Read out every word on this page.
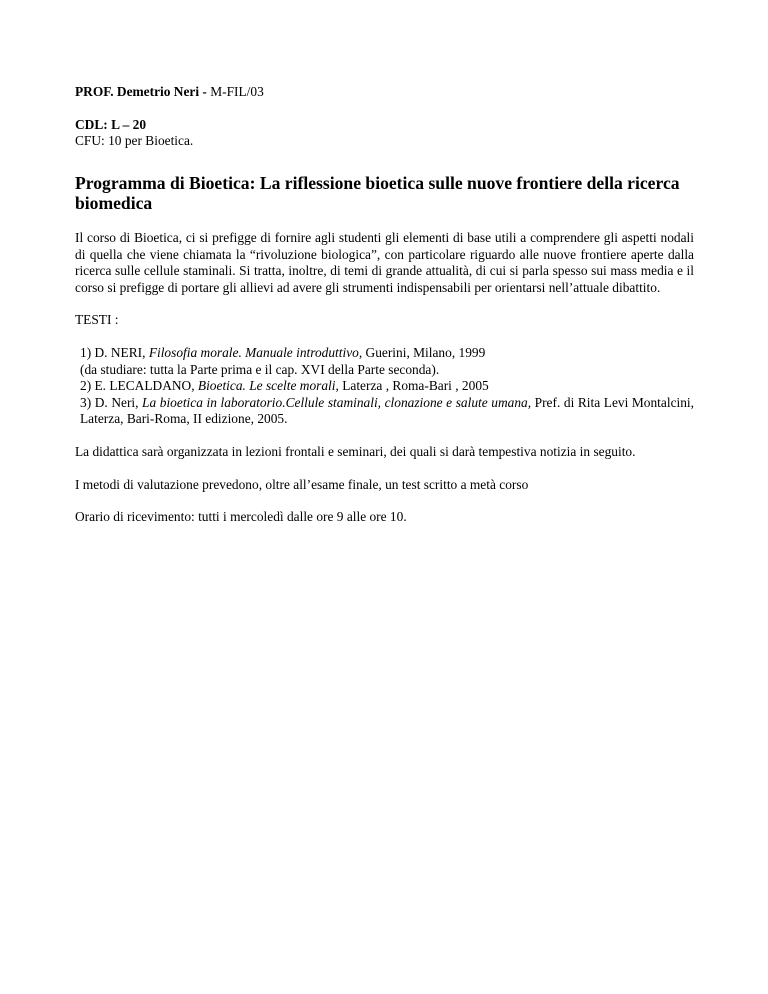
PROF. Demetrio Neri - M-FIL/03

CDL: L – 20

CFU: 10 per Bioetica.

Programma di Bioetica: La riflessione bioetica sulle nuove frontiere della ricerca biomedica

Il corso di Bioetica, ci si prefigge di fornire agli studenti gli elementi di base utili a comprendere gli aspetti nodali di quella che viene chiamata la “rivoluzione biologica”, con particolare riguardo alle nuove frontiere aperte dalla ricerca sulle cellule staminali. Si tratta, inoltre, di temi di grande attualità, di cui si parla spesso sui mass media e il corso si prefigge di portare gli allievi ad avere gli strumenti indispensabili per orientarsi nell’attuale dibattito.

TESTI :

1) D. NERI, Filosofia morale. Manuale introduttivo, Guerini, Milano, 1999

(da studiare: tutta la Parte prima e il cap. XVI della Parte seconda).

2) E. LECALDANO, Bioetica. Le scelte morali, Laterza , Roma-Bari , 2005

3) D. Neri, La bioetica in laboratorio.Cellule staminali, clonazione e salute umana, Pref. di Rita Levi Montalcini, Laterza, Bari-Roma, II edizione, 2005.

La didattica sarà organizzata in lezioni frontali e seminari, dei quali si darà tempestiva notizia in seguito.

I metodi di valutazione prevedono, oltre all’esame finale, un test scritto a metà corso

Orario di ricevimento: tutti i mercoledì dalle ore 9 alle ore 10.
